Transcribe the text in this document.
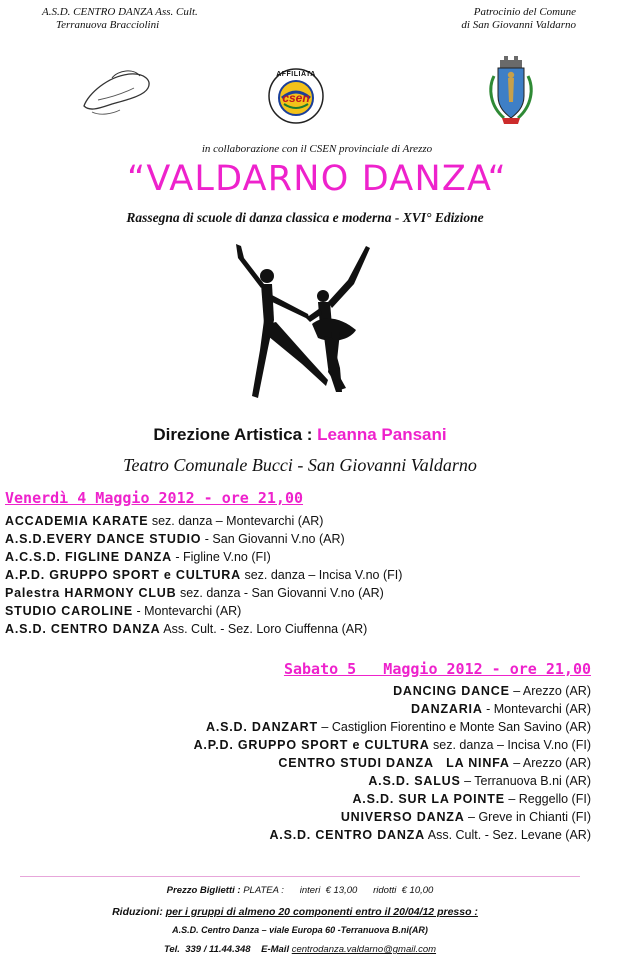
A.S.D. CENTRO DANZA Ass. Cult.
Terranuova Bracciolini
Patrocinio del Comune
di San Giovanni Valdarno
AFFILIATA
csen
in collaborazione con il CSEN provinciale di Arezzo
“VALDARNO DANZA“
Rassegna di scuole di danza classica e moderna - XVI° Edizione
Direzione Artistica : Leanna Pansani
Teatro Comunale Bucci - San Giovanni Valdarno
Venerdì 4 Maggio 2012 - ore 21,00
ACCADEMIA KARATE sez. danza – Montevarchi (AR)
A.S.D.EVERY DANCE STUDIO - San Giovanni V.no (AR)
A.C.S.D. FIGLINE DANZA - Figline V.no (FI)
A.P.D. GRUPPO SPORT e CULTURA sez. danza – Incisa V.no (FI)
Palestra HARMONY CLUB sez. danza - San Giovanni V.no (AR)
STUDIO CAROLINE - Montevarchi (AR)
A.S.D. CENTRO DANZA Ass. Cult. - Sez. Loro Ciuffenna (AR)
Sabato 5   Maggio 2012 - ore 21,00
DANCING DANCE – Arezzo (AR)
DANZARIA - Montevarchi (AR)
A.S.D. DANZART – Castiglion Fiorentino e Monte San Savino (AR)
A.P.D. GRUPPO SPORT e CULTURA sez. danza – Incisa V.no (FI)
CENTRO STUDI DANZA   LA NINFA – Arezzo (AR)
A.S.D. SALUS – Terranuova B.ni (AR)
A.S.D. SUR LA POINTE – Reggello (FI)
UNIVERSO DANZA – Greve in Chianti (FI)
A.S.D. CENTRO DANZA Ass. Cult. - Sez. Levane (AR)
Prezzo Biglietti : PLATEA :      interi  € 13,00      ridotti  € 10,00
Riduzioni: per i gruppi di almeno 20 componenti entro il 20/04/12 presso :
A.S.D. Centro Danza – viale Europa 60 -Terranuova B.ni(AR)
Tel.  339 / 11.44.348    E-Mail centrodanza.valdarno@gmail.com
